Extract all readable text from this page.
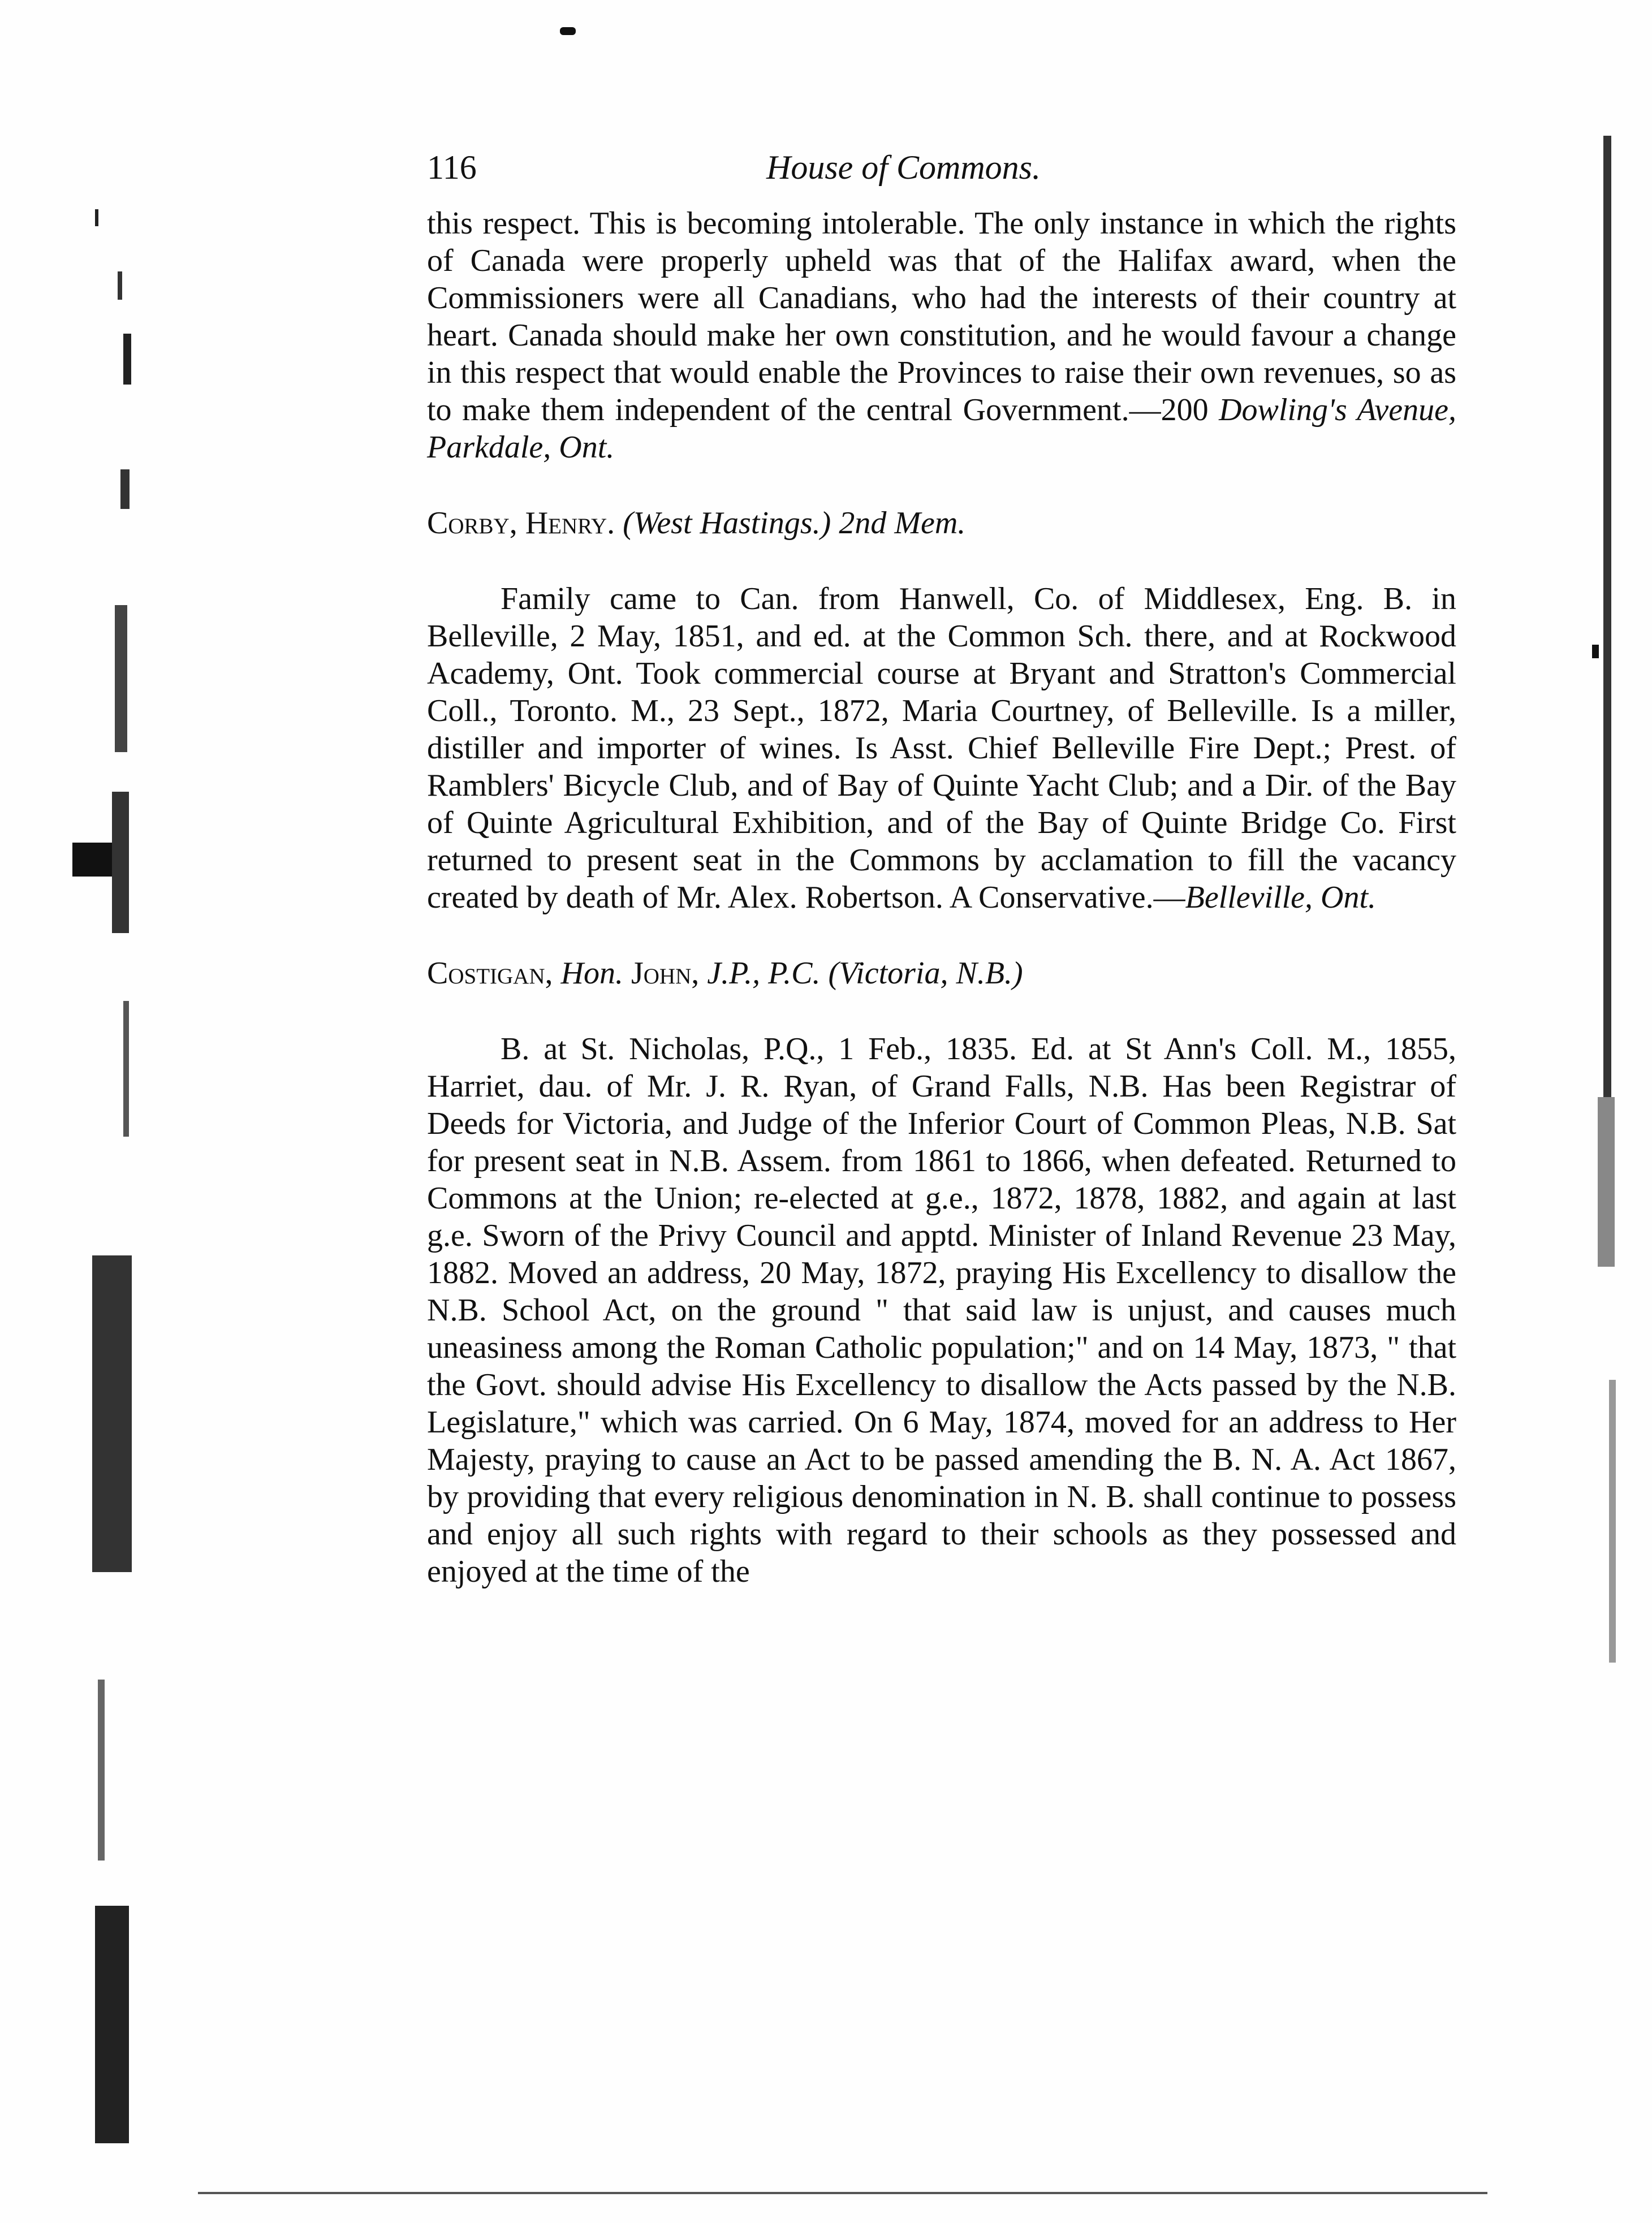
116	House of Commons.

this respect. This is becoming intolerable. The only instance in which the rights of Canada were properly upheld was that of the Halifax award, when the Commissioners were all Canadians, who had the interests of their country at heart. Canada should make her own constitution, and he would favour a change in this respect that would enable the Provinces to raise their own revenues, so as to make them independent of the central Government.—200 Dowling's Avenue, Parkdale, Ont.

Corby, Henry. (West Hastings.) 2nd Mem.

Family came to Can. from Hanwell, Co. of Middlesex, Eng. B. in Belleville, 2 May, 1851, and ed. at the Common Sch. there, and at Rockwood Academy, Ont. Took commercial course at Bryant and Stratton's Commercial Coll., Toronto. M., 23 Sept., 1872, Maria Courtney, of Belleville. Is a miller, distiller and importer of wines. Is Asst. Chief Belleville Fire Dept.; Prest. of Ramblers' Bicycle Club, and of Bay of Quinte Yacht Club; and a Dir. of the Bay of Quinte Agricultural Exhibition, and of the Bay of Quinte Bridge Co. First returned to present seat in the Commons by acclamation to fill the vacancy created by death of Mr. Alex. Robertson. A Conservative.—Belleville, Ont.

Costigan, Hon. John, J.P., P.C. (Victoria, N.B.)

B. at St. Nicholas, P.Q., 1 Feb., 1835. Ed. at St Ann's Coll. M., 1855, Harriet, dau. of Mr. J. R. Ryan, of Grand Falls, N.B. Has been Registrar of Deeds for Victoria, and Judge of the Inferior Court of Common Pleas, N.B. Sat for present seat in N.B. Assem. from 1861 to 1866, when defeated. Returned to Commons at the Union; re-elected at g.e., 1872, 1878, 1882, and again at last g.e. Sworn of the Privy Council and apptd. Minister of Inland Revenue 23 May, 1882. Moved an address, 20 May, 1872, praying His Excellency to disallow the N.B. School Act, on the ground " that said law is unjust, and causes much uneasiness among the Roman Catholic population;" and on 14 May, 1873, " that the Govt. should advise His Excellency to disallow the Acts passed by the N.B. Legislature," which was carried. On 6 May, 1874, moved for an address to Her Majesty, praying to cause an Act to be passed amending the B. N. A. Act 1867, by providing that every religious denomination in N. B. shall continue to possess and enjoy all such rights with regard to their schools as they possessed and enjoyed at the time of the
